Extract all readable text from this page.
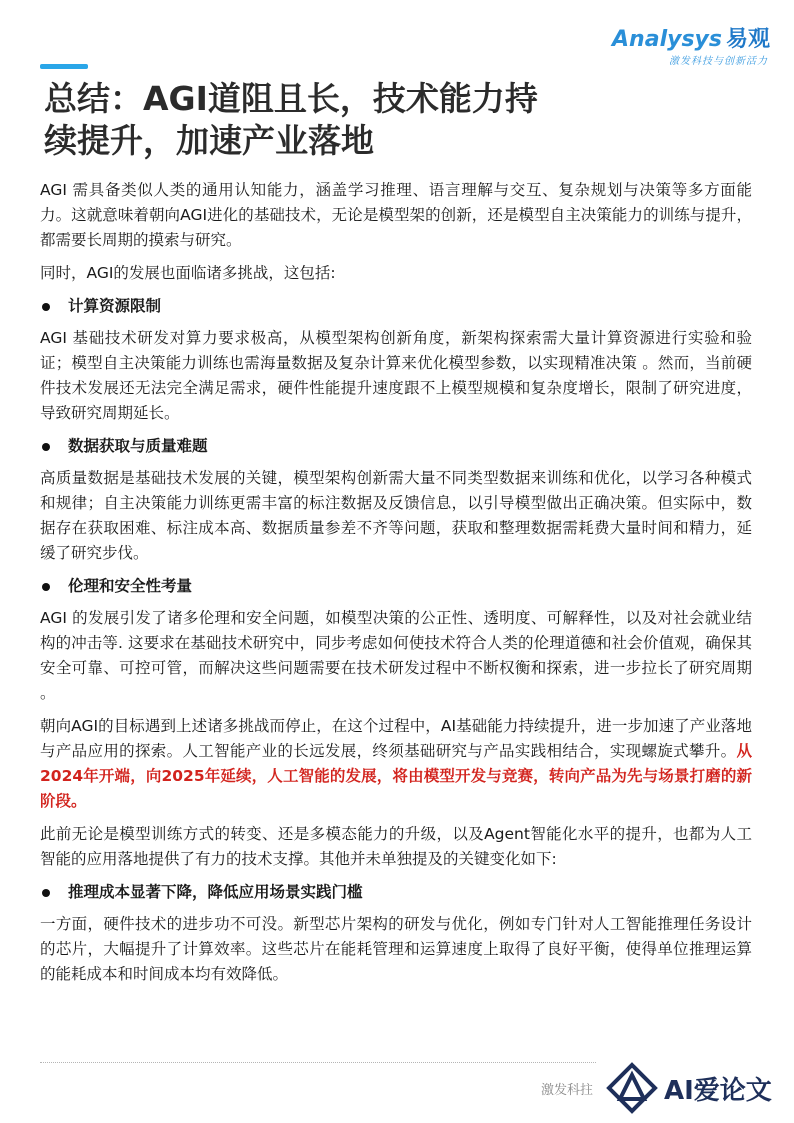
Analysys 易观
激发科技与创新活力
总结：AGI道阻且长，技术能力持
续提升，加速产业落地

AGI 需具备类似人类的通用认知能力，涵盖学习推理、语言理解与交互、复杂规划与决策等多方面能力。这就意味着朝向AGI进化的基础技术，无论是模型架的创新，还是模型自主决策能力的训练与提升，都需要长周期的摸索与研究。

同时，AGI的发展也面临诸多挑战，这包括:

计算资源限制

AGI 基础技术研发对算力要求极高，从模型架构创新角度，新架构探索需大量计算资源进行实验和验证；模型自主决策能力训练也需海量数据及复杂计算来优化模型参数，以实现精准决策 。然而，当前硬件技术发展还无法完全满足需求，硬件性能提升速度跟不上模型规模和复杂度增长，限制了研究进度，导致研究周期延长。

数据获取与质量难题

高质量数据是基础技术发展的关键，模型架构创新需大量不同类型数据来训练和优化，以学习各种模式和规律；自主决策能力训练更需丰富的标注数据及反馈信息，以引导模型做出正确决策。但实际中，数据存在获取困难、标注成本高、数据质量参差不齐等问题，获取和整理数据需耗费大量时间和精力，延缓了研究步伐。

伦理和安全性考量

AGI 的发展引发了诸多伦理和安全问题，如模型决策的公正性、透明度、可解释性，以及对社会就业结构的冲击等. 这要求在基础技术研究中，同步考虑如何使技术符合人类的伦理道德和社会价值观，确保其安全可靠、可控可管，而解决这些问题需要在技术研发过程中不断权衡和探索，进一步拉长了研究周期 。

朝向AGI的目标遇到上述诸多挑战而停止，在这个过程中，AI基础能力持续提升，进一步加速了产业落地与产品应用的探索。人工智能产业的长远发展，终须基础研究与产品实践相结合，实现螺旋式攀升。从2024年开端，向2025年延续，人工智能的发展，将由模型开发与竞赛，转向产品为先与场景打磨的新阶段。

此前无论是模型训练方式的转变、还是多模态能力的升级，以及Agent智能化水平的提升，也都为人工智能的应用落地提供了有力的技术支撑。其他并未单独提及的关键变化如下:

推理成本显著下降，降低应用场景实践门槛

一方面，硬件技术的进步功不可没。新型芯片架构的研发与优化，例如专门针对人工智能推理任务设计的芯片，大幅提升了计算效率。这些芯片在能耗管理和运算速度上取得了良好平衡，使得单位推理运算的能耗成本和时间成本均有效降低。

激发科拄	AI爱论文
